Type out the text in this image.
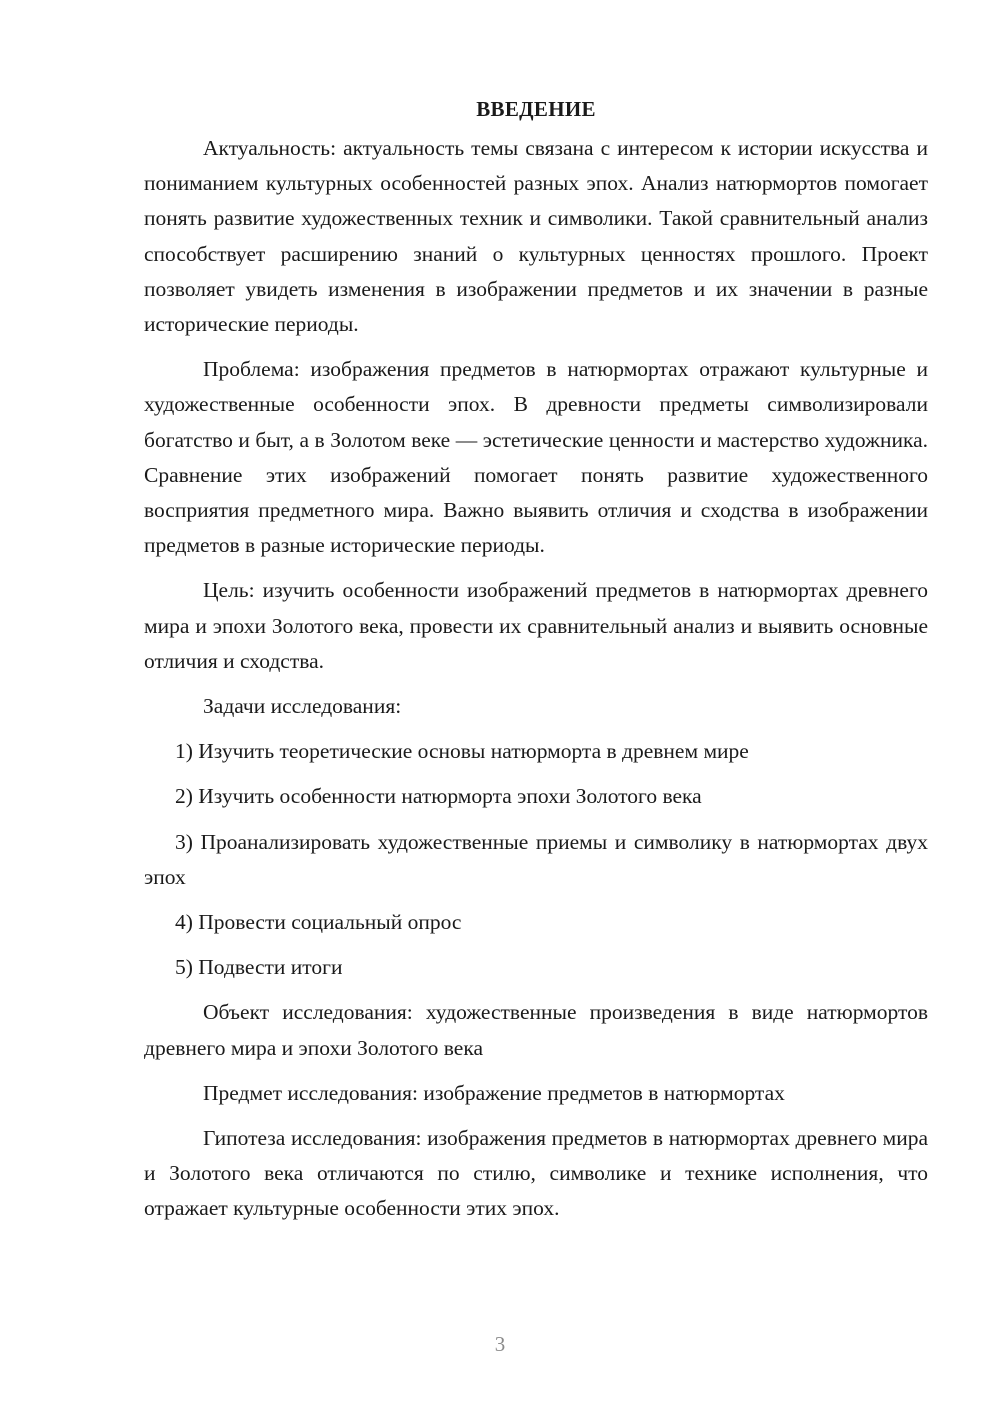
ВВЕДЕНИЕ

Актуальность: актуальность темы связана с интересом к истории искусства и пониманием культурных особенностей разных эпох. Анализ натюрмортов помогает понять развитие художественных техник и символики. Такой сравнительный анализ способствует расширению знаний о культурных ценностях прошлого. Проект позволяет увидеть изменения в изображении предметов и их значении в разные исторические периоды.

Проблема: изображения предметов в натюрмортах отражают культурные и художественные особенности эпох. В древности предметы символизировали богатство и быт, а в Золотом веке — эстетические ценности и мастерство художника. Сравнение этих изображений помогает понять развитие художественного восприятия предметного мира. Важно выявить отличия и сходства в изображении предметов в разные исторические периоды.

Цель: изучить особенности изображений предметов в натюрмортах древнего мира и эпохи Золотого века, провести их сравнительный анализ и выявить основные отличия и сходства.

Задачи исследования:

1) Изучить теоретические основы натюрморта в древнем мире

2) Изучить особенности натюрморта эпохи Золотого века

3) Проанализировать художественные приемы и символику в натюрмортах двух эпох

4) Провести социальный опрос

5) Подвести итоги

Объект исследования: художественные произведения в виде натюрмортов древнего мира и эпохи Золотого века

Предмет исследования: изображение предметов в натюрмортах

Гипотеза исследования: изображения предметов в натюрмортах древнего мира и Золотого века отличаются по стилю, символике и технике исполнения, что отражает культурные особенности этих эпох.

3
